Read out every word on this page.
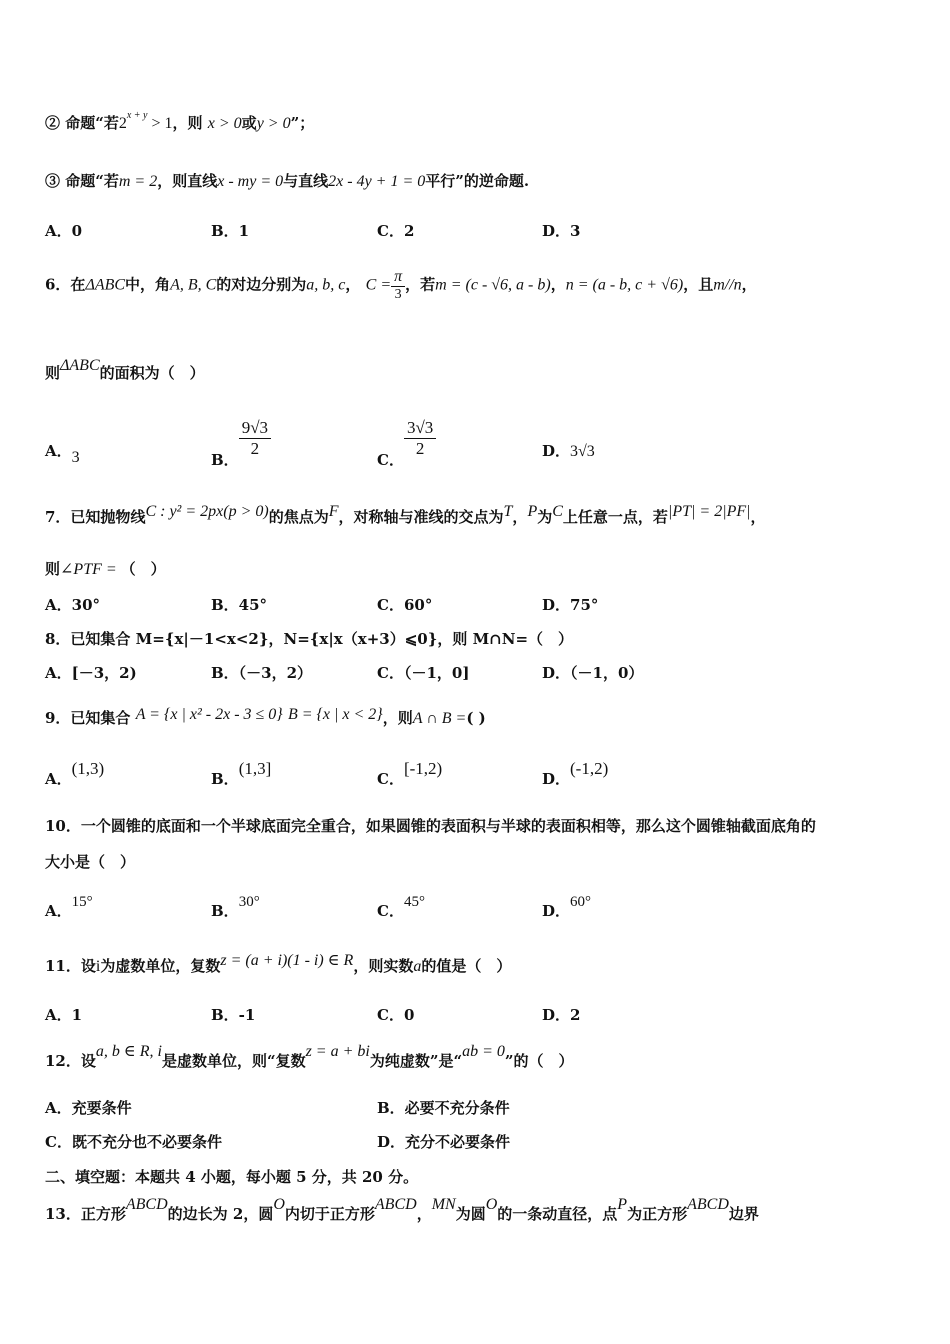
② 命题“若$2^{x + y} > 1$，则 x > 0或y > 0”；
③ 命题“若m = 2，则直线x - my = 0与直线2x - 4y + 1 = 0平行”的逆命题.
A．0	B．1	C．2	D．3
6．在ΔABC中，角A, B, C的对边分别为a, b, c， $C = \frac{\pi}{3}$ ，若m = (c - √6, a - b)，n = (a - b, c + √6)，且m//n，
则ΔABC的面积为（　）
A．3	B．
$\frac{9√3}{2}$
C．
$\frac{3√3}{2}$	D．3√3
7．已知抛物线C : y² = 2px(p > 0)的焦点为F，对称轴与准线的交点为T，P为C上任意一点，若|PT| = 2|PF|，
则∠PTF = （　）
A．30°	B．45°	C．60°	D．75°
8．已知集合 M={x|－1<x<2}，N={x|x（x+3）⩽0}，则 M∩N=（　）
A．[－3，2)	B．（－3，2）	C．（－1，0]	D．（－1，0）
9．已知集合 A = {x | x² - 2x - 3 ≤ 0} B = {x | x < 2}，则A ∩ B =( )
A．(1,3)
B．(1,3]
C．[-1,2)
D．(-1,2)
10．一个圆锥的底面和一个半球底面完全重合，如果圆锥的表面积与半球的表面积相等，那么这个圆锥轴截面底角的
大小是（　）
A．15°	B．30°	C．45°	D．60°
11．设i为虚数单位，复数z = (a + i)(1 - i) ∈ R，则实数a的值是（　）
A．1	B．-1	C．0	D．2
12．设a, b ∈ R, i是虚数单位，则“复数z = a + bi为纯虚数”是“ab = 0”的（　）
A．充要条件	B．必要不充分条件
C．既不充分也不必要条件	D．充分不必要条件
二、填空题：本题共 4 小题，每小题 5 分，共 20 分。
13．正方形ABCD的边长为 2，圆O内切于正方形ABCD，MN为圆O的一条动直径，点P为正方形ABCD边界
